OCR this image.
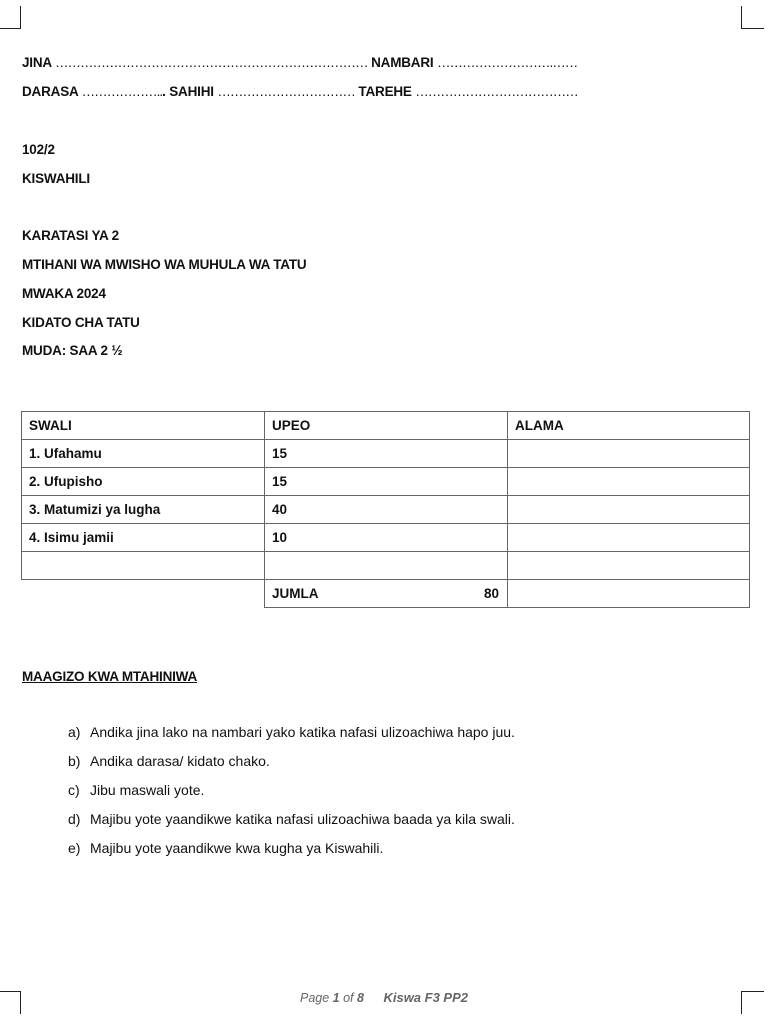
JINA ………………………………………………………………… NAMBARI ……………………….……
DARASA ………………... SAHIHI …………………………… TAREHE …………………………………
102/2
KISWAHILI
KARATASI YA 2
MTIHANI WA MWISHO WA MUHULA WA TATU
MWAKA 2024
KIDATO CHA TATU
MUDA: SAA 2 ½
SWALI	UPEO	ALAMA
1. Ufahamu	15	
2. Ufupisho	15	
3. Matumizi ya lugha	40	
4. Isimu jamii	10	

	JUMLA 80	

MAAGIZO KWA MTAHINIWA
a) Andika jina lako na nambari yako katika nafasi ulizoachiwa hapo juu.
b) Andika darasa/ kidato chako.
c) Jibu maswali yote.
d) Majibu yote yaandikwe katika nafasi ulizoachiwa baada ya kila swali.
e) Majibu yote yaandikwe kwa kugha ya Kiswahili.
Page 1 of 8 Kiswa F3 PP2
